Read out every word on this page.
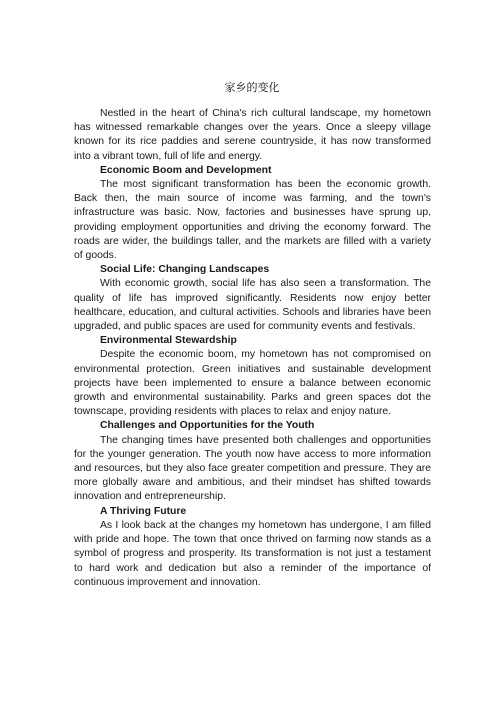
家乡的变化

Nestled in the heart of China's rich cultural landscape, my hometown has witnessed remarkable changes over the years. Once a sleepy village known for its rice paddies and serene countryside, it has now transformed into a vibrant town, full of life and energy.

Economic Boom and Development

The most significant transformation has been the economic growth. Back then, the main source of income was farming, and the town's infrastructure was basic. Now, factories and businesses have sprung up, providing employment opportunities and driving the economy forward. The roads are wider, the buildings taller, and the markets are filled with a variety of goods.

Social Life: Changing Landscapes

With economic growth, social life has also seen a transformation. The quality of life has improved significantly. Residents now enjoy better healthcare, education, and cultural activities. Schools and libraries have been upgraded, and public spaces are used for community events and festivals.

Environmental Stewardship

Despite the economic boom, my hometown has not compromised on environmental protection. Green initiatives and sustainable development projects have been implemented to ensure a balance between economic growth and environmental sustainability. Parks and green spaces dot the townscape, providing residents with places to relax and enjoy nature.

Challenges and Opportunities for the Youth

The changing times have presented both challenges and opportunities for the younger generation. The youth now have access to more information and resources, but they also face greater competition and pressure. They are more globally aware and ambitious, and their mindset has shifted towards innovation and entrepreneurship.

A Thriving Future

As I look back at the changes my hometown has undergone, I am filled with pride and hope. The town that once thrived on farming now stands as a symbol of progress and prosperity. Its transformation is not just a testament to hard work and dedication but also a reminder of the importance of continuous improvement and innovation.
